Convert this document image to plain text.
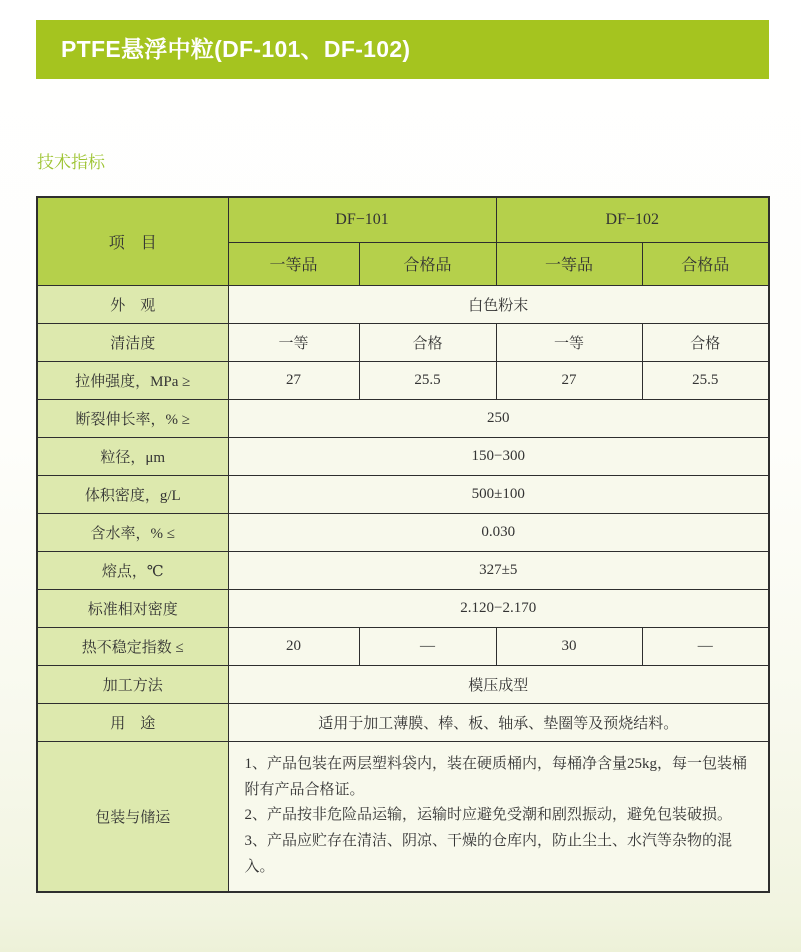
PTFE悬浮中粒(DF-101、DF-102)
技术指标
项　目	DF−101		DF−102	
	一等品	合格品	一等品	合格品
外　观	白色粉末			
清洁度	一等	合格	一等	合格
拉伸强度，MPa ≥	27	25.5	27	25.5
断裂伸长率，% ≥	250			
粒径，μm	150−300			
体积密度，g/L	500±100			
含水率，% ≤	0.030			
熔点，℃	327±5			
标准相对密度	2.120−2.170			
热不稳定指数 ≤	20	—	30	—
加工方法	模压成型			
用　途	适用于加工薄膜、棒、板、轴承、垫圈等及预烧结料。			
包装与储运	1、产品包装在两层塑料袋内，装在硬质桶内，每桶净含量25kg，每一包装桶附有产品合格证。
2、产品按非危险品运输，运输时应避免受潮和剧烈振动，避免包装破损。
3、产品应贮存在清洁、阴凉、干燥的仓库内，防止尘土、水汽等杂物的混入。			
